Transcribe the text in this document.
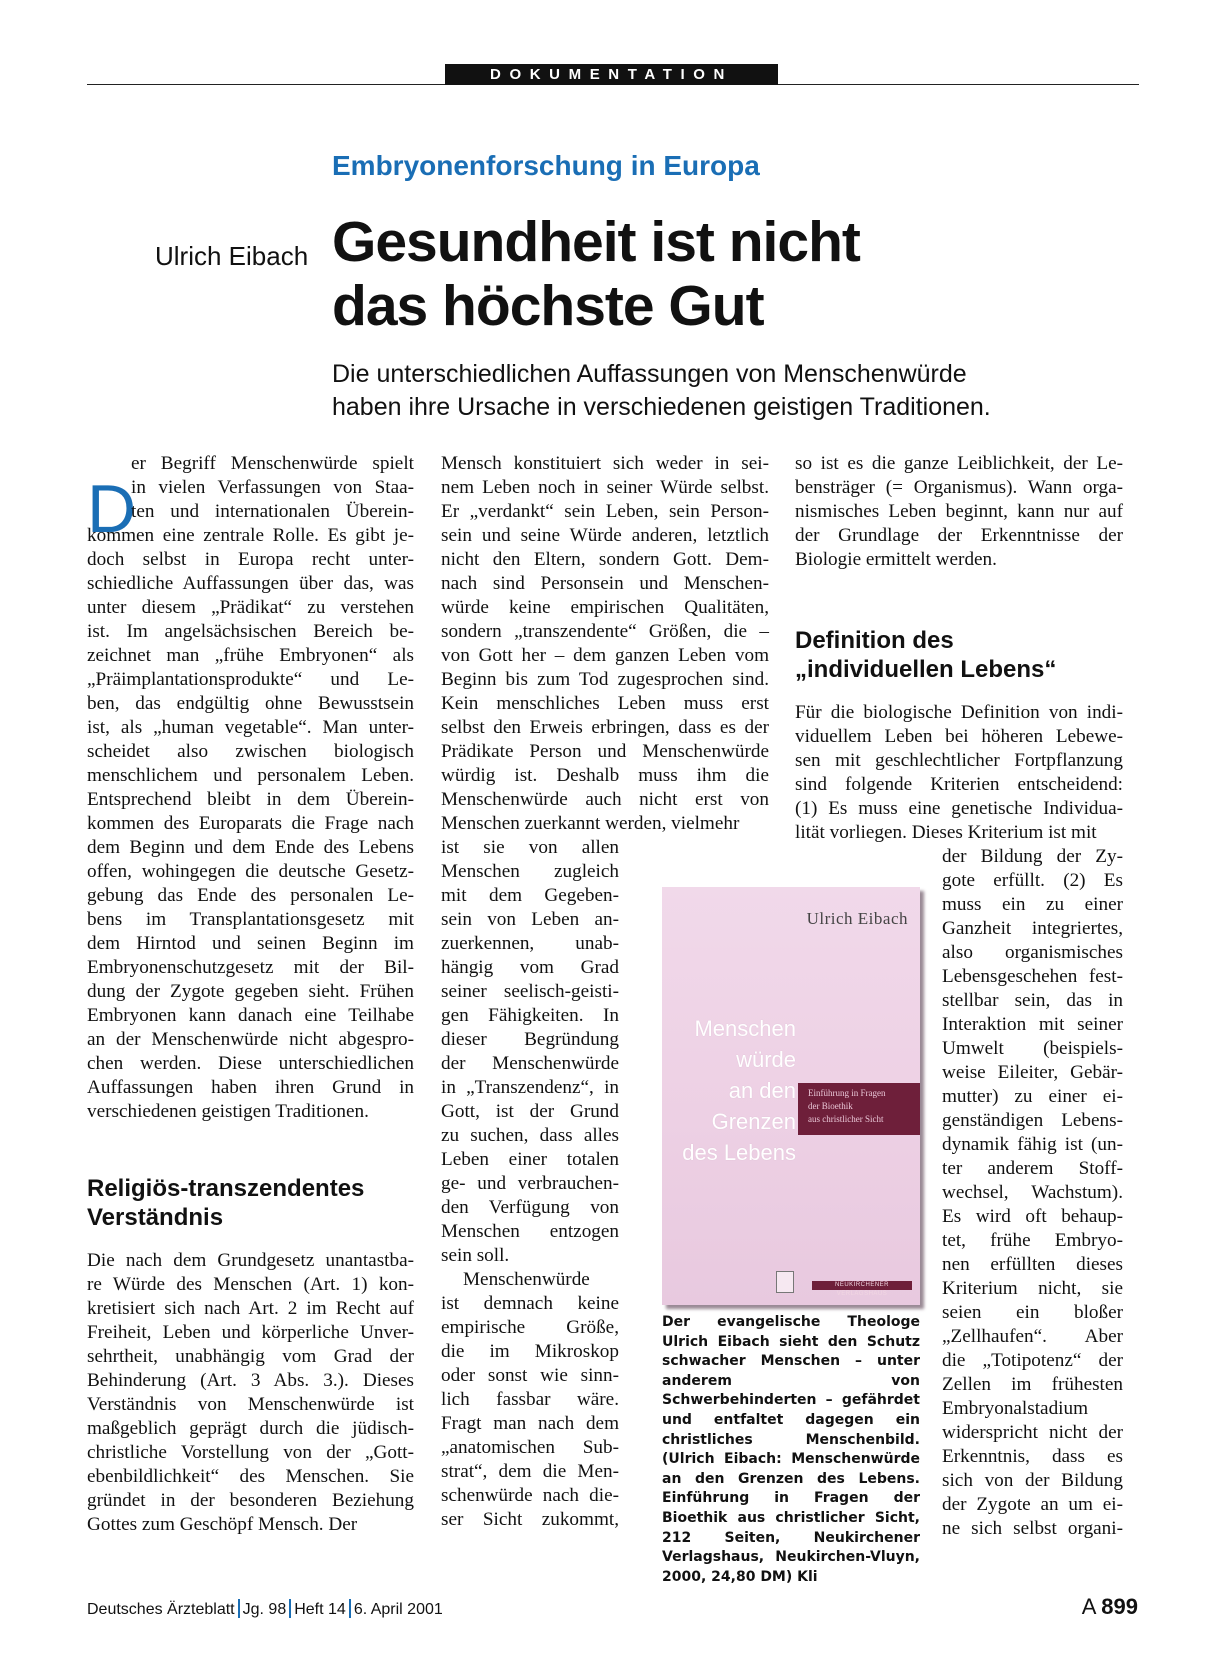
DOKUMENTATION
Embryonenforschung in Europa
Ulrich Eibach Gesundheit ist nicht
das höchste Gut
Die unterschiedlichen Auffassungen von Menschenwürde
haben ihre Ursache in verschiedenen geistigen Traditionen.
D
er Begriff Menschenwürde spielt
in vielen Verfassungen von Staa-
ten und internationalen Überein-
kommen eine zentrale Rolle. Es gibt je-
doch selbst in Europa recht unter-
schiedliche Auffassungen über das, was
unter diesem „Prädikat“ zu verstehen
ist. Im angelsächsischen Bereich be-
zeichnet man „frühe Embryonen“ als
„Präimplantationsprodukte“ und Le-
ben, das endgültig ohne Bewusstsein
ist, als „human vegetable“. Man unter-
scheidet also zwischen biologisch
menschlichem und personalem Leben.
Entsprechend bleibt in dem Überein-
kommen des Europarats die Frage nach
dem Beginn und dem Ende des Lebens
offen, wohingegen die deutsche Gesetz-
gebung das Ende des personalen Le-
bens im Transplantationsgesetz mit
dem Hirntod und seinen Beginn im
Embryonenschutzgesetz mit der Bil-
dung der Zygote gegeben sieht. Frühen
Embryonen kann danach eine Teilhabe
an der Menschenwürde nicht abgespro-
chen werden. Diese unterschiedlichen
Auffassungen haben ihren Grund in
verschiedenen geistigen Traditionen.
Religiös-transzendentes
Verständnis
Die nach dem Grundgesetz unantastba-
re Würde des Menschen (Art. 1) kon-
kretisiert sich nach Art. 2 im Recht auf
Freiheit, Leben und körperliche Unver-
sehrtheit, unabhängig vom Grad der
Behinderung (Art. 3 Abs. 3.). Dieses
Verständnis von Menschenwürde ist
maßgeblich geprägt durch die jüdisch-
christliche Vorstellung von der „Gott-
ebenbildlichkeit“ des Menschen. Sie
gründet in der besonderen Beziehung
Gottes zum Geschöpf Mensch. Der
Mensch konstituiert sich weder in sei-
nem Leben noch in seiner Würde selbst.
Er „verdankt“ sein Leben, sein Person-
sein und seine Würde anderen, letztlich
nicht den Eltern, sondern Gott. Dem-
nach sind Personsein und Menschen-
würde keine empirischen Qualitäten,
sondern „transzendente“ Größen, die –
von Gott her – dem ganzen Leben vom
Beginn bis zum Tod zugesprochen sind.
Kein menschliches Leben muss erst
selbst den Erweis erbringen, dass es der
Prädikate Person und Menschenwürde
würdig ist. Deshalb muss ihm die
Menschenwürde auch nicht erst von
Menschen zuerkannt werden, vielmehr
ist sie von allen
Menschen zugleich
mit dem Gegeben-
sein von Leben an-
zuerkennen, unab-
hängig vom Grad
seiner seelisch-geisti-
gen Fähigkeiten. In
dieser Begründung
der Menschenwürde
in „Transzendenz“, in
Gott, ist der Grund
zu suchen, dass alles
Leben einer totalen
ge- und verbrauchen-
den Verfügung von
Menschen entzogen
sein soll.
Menschenwürde
ist demnach keine
empirische Größe,
die im Mikroskop
oder sonst wie sinn-
lich fassbar wäre.
Fragt man nach dem
„anatomischen Sub-
strat“, dem die Men-
schenwürde nach die-
ser Sicht zukommt,
so ist es die ganze Leiblichkeit, der Le-
bensträger (= Organismus). Wann orga-
nismisches Leben beginnt, kann nur auf
der Grundlage der Erkenntnisse der
Biologie ermittelt werden.
Definition des
„individuellen Lebens“
Für die biologische Definition von indi-
viduellem Leben bei höheren Lebewe-
sen mit geschlechtlicher Fortpflanzung
sind folgende Kriterien entscheidend:
(1) Es muss eine genetische Individua-
lität vorliegen. Dieses Kriterium ist mit
der Bildung der Zy-
gote erfüllt. (2) Es
muss ein zu einer
Ganzheit integriertes,
also organismisches
Lebensgeschehen fest-
stellbar sein, das in
Interaktion mit seiner
Umwelt (beispiels-
weise Eileiter, Gebär-
mutter) zu einer ei-
genständigen Lebens-
dynamik fähig ist (un-
ter anderem Stoff-
wechsel, Wachstum).
Es wird oft behaup-
tet, frühe Embryo-
nen erfüllten dieses
Kriterium nicht, sie
seien ein bloßer
„Zellhaufen“. Aber
die „Totipotenz“ der
Zellen im frühesten
Embryonalstadium
widerspricht nicht der
Erkenntnis, dass es
sich von der Bildung
der Zygote an um ei-
ne sich selbst organi-
Ulrich Eibach
Menschen
würde
an den
Grenzen
des Lebens
Einführung in Fragen
der Bioethik
aus christlicher Sicht
NEUKIRCHENER VERLAGSHAUS
Der evangelische Theologe Ulrich Eibach sieht den Schutz schwacher Menschen – unter anderem von Schwerbehinderten – gefährdet und entfaltet dagegen ein christliches Menschenbild. (Ulrich Eibach: Menschenwürde an den Grenzen des Lebens. Einführung in Fragen der Bioethik aus christlicher Sicht, 212 Seiten, Neukirchener Verlagshaus, Neukirchen-Vluyn, 2000, 24,80 DM) Kli
Deutsches Ärzteblatt Jg. 98 Heft 14 6. April 2001	A 899
